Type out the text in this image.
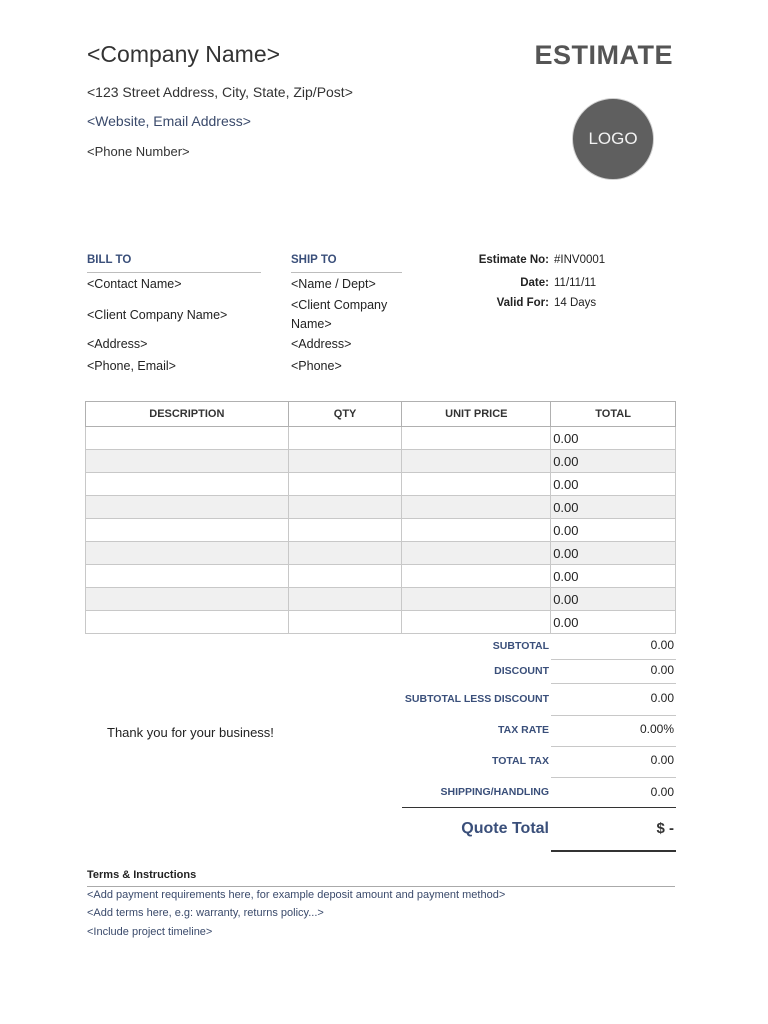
<Company Name>	ESTIMATE
<123 Street Address, City, State, Zip/Post>
<Website, Email Address>
<Phone Number>
LOGO
BILL TO
<Contact Name>
<Client Company Name>
<Address>
<Phone, Email>
SHIP TO
<Name / Dept>
<Client Company Name>
<Address>
<Phone>
Estimate No: #INV0001
Date: 11/11/11
Valid For: 14 Days
DESCRIPTION	QTY	UNIT PRICE	TOTAL
			0.00
			0.00
			0.00
			0.00
			0.00
			0.00
			0.00
			0.00
			0.00
SUBTOTAL	0.00
DISCOUNT	0.00
SUBTOTAL LESS DISCOUNT	0.00
Thank you for your business!	TAX RATE	0.00%
TOTAL TAX	0.00
SHIPPING/HANDLING	0.00
Quote Total	$ -
Terms & Instructions
<Add payment requirements here, for example deposit amount and payment method>
<Add terms here, e.g: warranty, returns policy...>
<Include project timeline>
